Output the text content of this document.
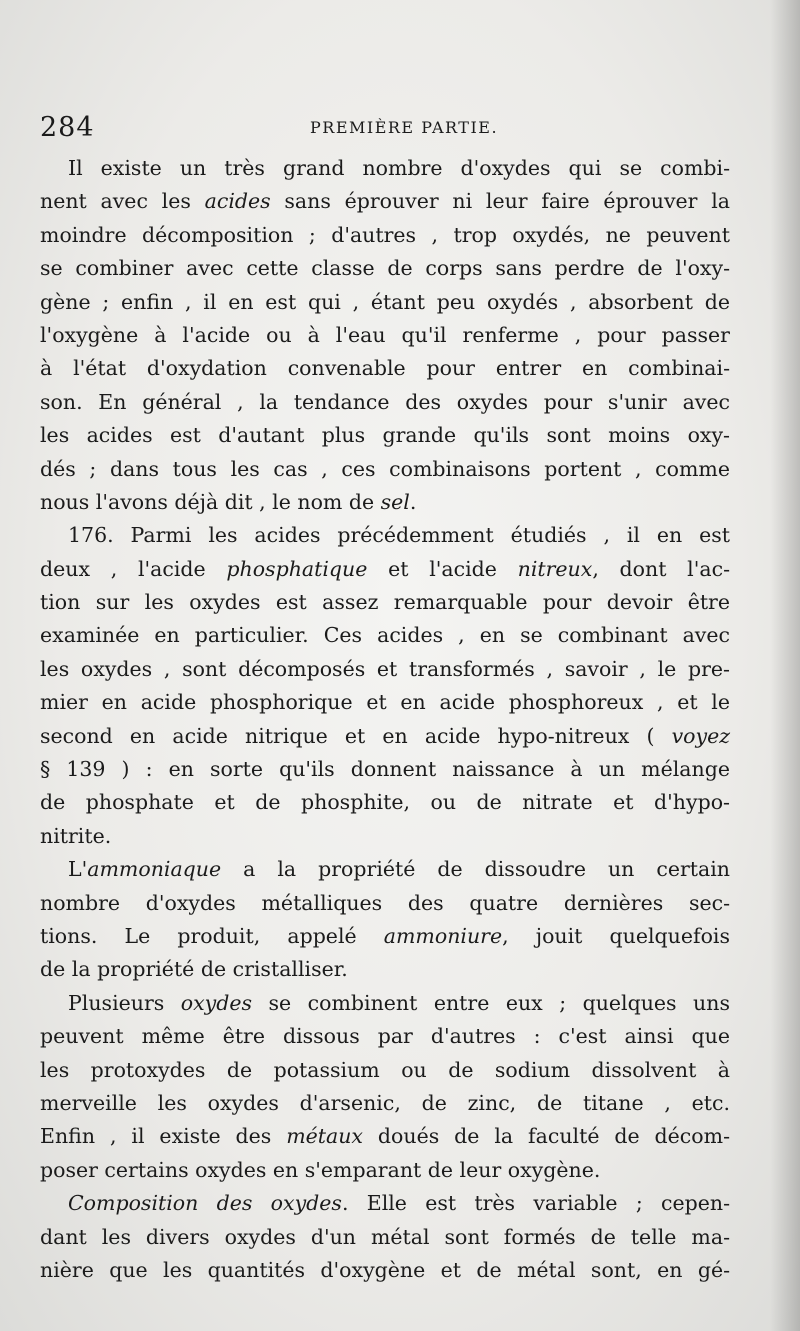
284	PREMIÈRE PARTIE.
Il existe un très grand nombre d'oxydes qui se combi-
nent avec les acides sans éprouver ni leur faire éprouver la
moindre décomposition ; d'autres , trop oxydés, ne peuvent
se combiner avec cette classe de corps sans perdre de l'oxy-
gène ; enfin , il en est qui , étant peu oxydés , absorbent de
l'oxygène à l'acide ou à l'eau qu'il renferme , pour passer
à l'état d'oxydation convenable pour entrer en combinai-
son. En général , la tendance des oxydes pour s'unir avec
les acides est d'autant plus grande qu'ils sont moins oxy-
dés ; dans tous les cas , ces combinaisons portent , comme
nous l'avons déjà dit , le nom de sel.
176. Parmi les acides précédemment étudiés , il en est
deux , l'acide phosphatique et l'acide nitreux, dont l'ac-
tion sur les oxydes est assez remarquable pour devoir être
examinée en particulier. Ces acides , en se combinant avec
les oxydes , sont décomposés et transformés , savoir , le pre-
mier en acide phosphorique et en acide phosphoreux , et le
second en acide nitrique et en acide hypo-nitreux ( voyez
§ 139 ) : en sorte qu'ils donnent naissance à un mélange
de phosphate et de phosphite, ou de nitrate et d'hypo-
nitrite.
L'ammoniaque a la propriété de dissoudre un certain
nombre d'oxydes métalliques des quatre dernières sec-
tions. Le produit, appelé ammoniure, jouit quelquefois
de la propriété de cristalliser.
Plusieurs oxydes se combinent entre eux ; quelques uns
peuvent même être dissous par d'autres : c'est ainsi que
les protoxydes de potassium ou de sodium dissolvent à
merveille les oxydes d'arsenic, de zinc, de titane , etc.
Enfin , il existe des métaux doués de la faculté de décom-
poser certains oxydes en s'emparant de leur oxygène.
Composition des oxydes. Elle est très variable ; cepen-
dant les divers oxydes d'un métal sont formés de telle ma-
nière que les quantités d'oxygène et de métal sont, en gé-
